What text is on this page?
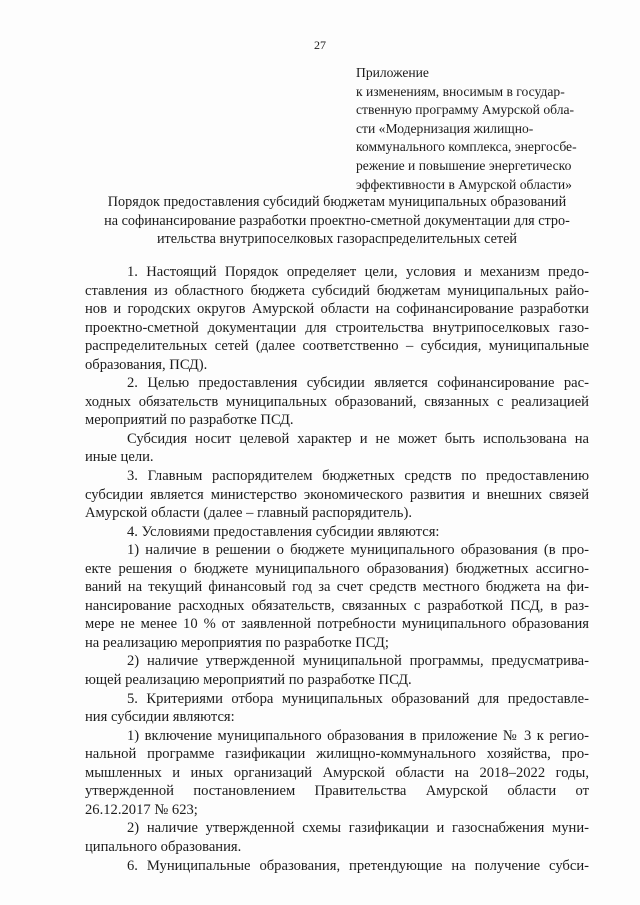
27
Приложение
к изменениям, вносимым в государ-
ственную программу Амурской обла-
сти «Модернизация жилищно-
коммунального комплекса, энергосбе-
режение и повышение энергетическо
эффективности в Амурской области»
Порядок предоставления субсидий бюджетам муниципальных образований
на софинансирование разработки проектно-сметной документации для стро-
ительства внутрипоселковых газораспределительных сетей
1. Настоящий Порядок определяет цели, условия и механизм предо-
ставления из областного бюджета субсидий бюджетам муниципальных райо-
нов и городских округов Амурской области на софинансирование разработки
проектно-сметной документации для строительства внутрипоселковых газо-
распределительных сетей (далее соответственно – субсидия, муниципальные
образования, ПСД).
2. Целью предоставления субсидии является софинансирование рас-
ходных обязательств муниципальных образований, связанных с реализацией
мероприятий по разработке ПСД.
Субсидия носит целевой характер и не может быть использована на
иные цели.
3. Главным распорядителем бюджетных средств по предоставлению
субсидии является министерство экономического развития и внешних связей
Амурской области (далее – главный распорядитель).
4. Условиями предоставления субсидии являются:
1) наличие в решении о бюджете муниципального образования (в про-
екте решения о бюджете муниципального образования) бюджетных ассигно-
ваний на текущий финансовый год за счет средств местного бюджета на фи-
нансирование расходных обязательств, связанных с разработкой ПСД, в раз-
мере не менее 10 % от заявленной потребности муниципального образования
на реализацию мероприятия по разработке ПСД;
2) наличие утвержденной муниципальной программы, предусматрива-
ющей реализацию мероприятий по разработке ПСД.
5. Критериями отбора муниципальных образований для предоставле-
ния субсидии являются:
1) включение муниципального образования в приложение № 3 к регио-
нальной программе газификации жилищно-коммунального хозяйства, про-
мышленных и иных организаций Амурской области на 2018–2022 годы,
утвержденной постановлением Правительства Амурской области от
26.12.2017 № 623;
2) наличие утвержденной схемы газификации и газоснабжения муни-
ципального образования.
6. Муниципальные образования, претендующие на получение субси-
